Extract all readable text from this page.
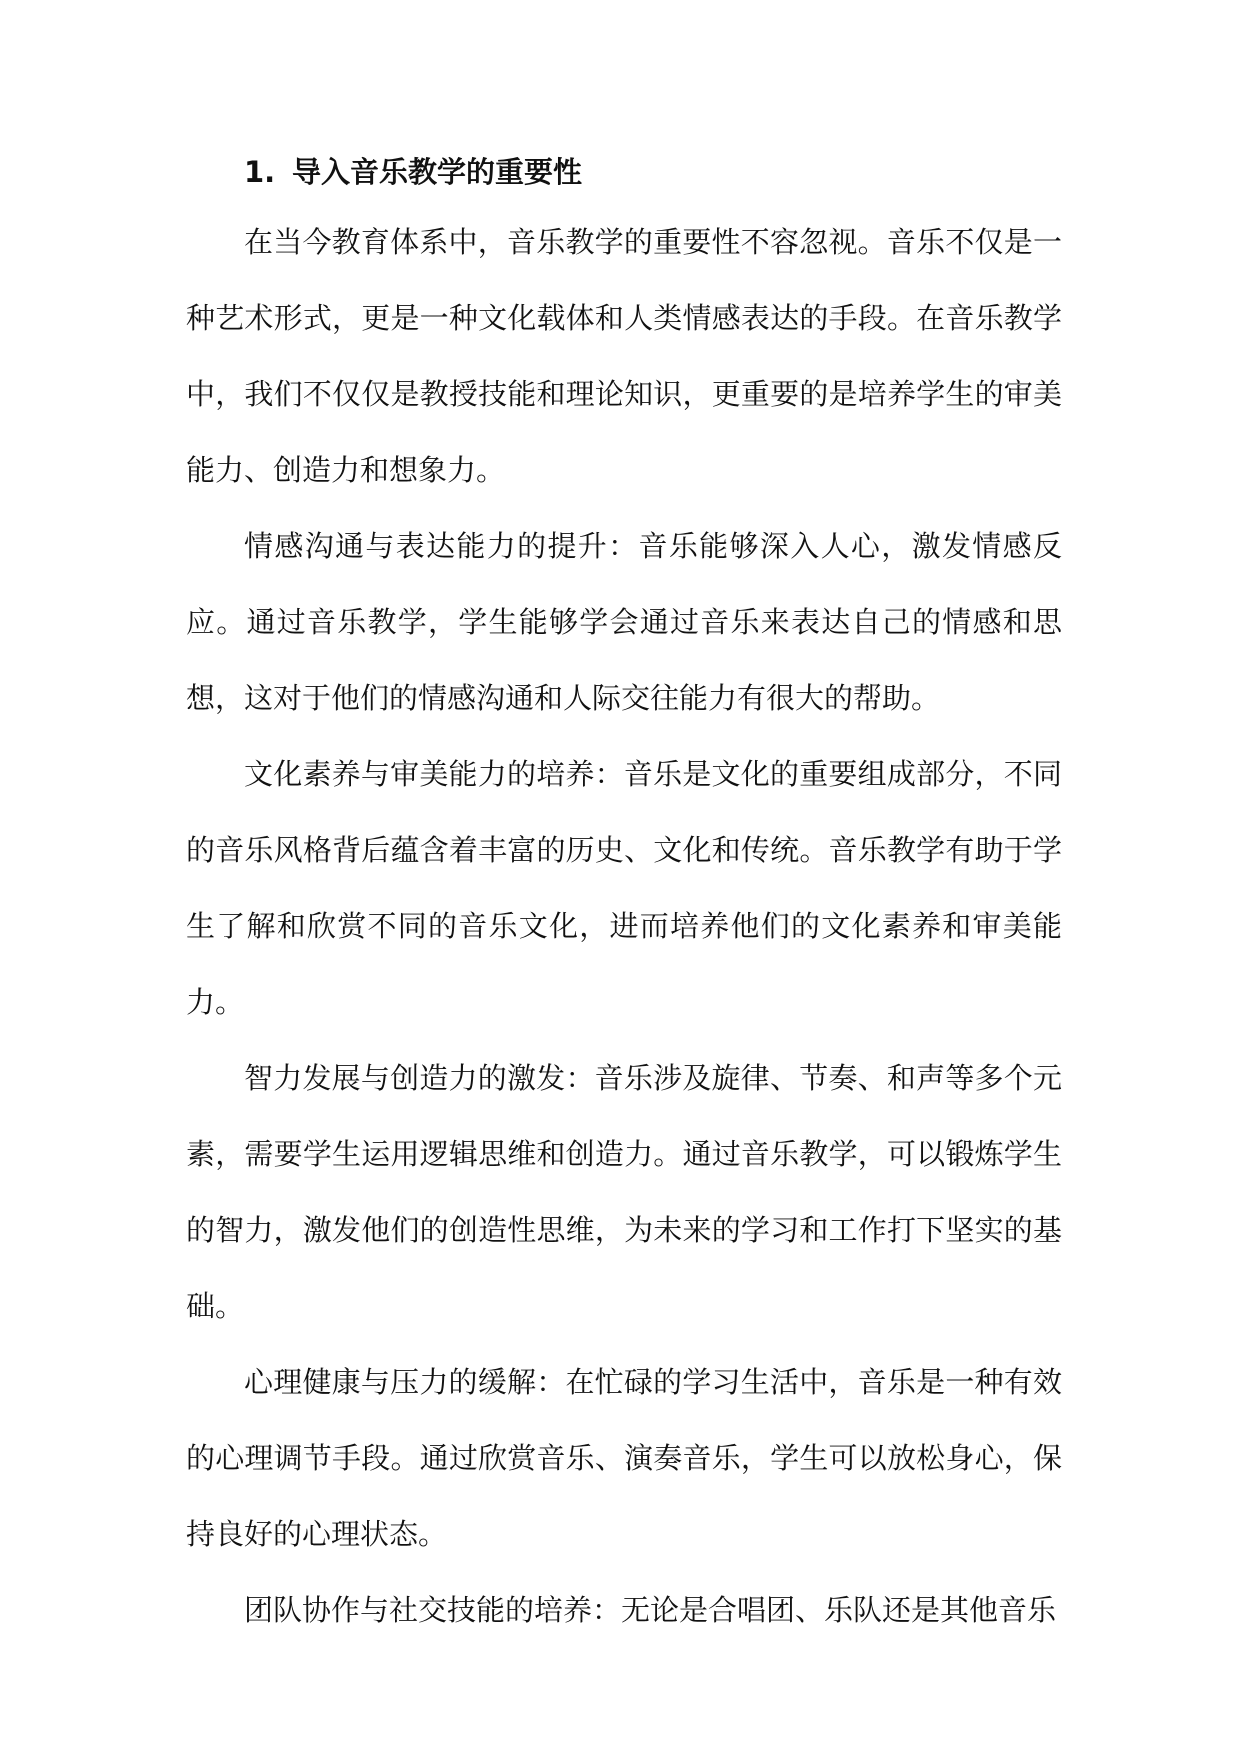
1. 导入音乐教学的重要性

在当今教育体系中，音乐教学的重要性不容忽视。音乐不仅是一种艺术形式，更是一种文化载体和人类情感表达的手段。在音乐教学中，我们不仅仅是教授技能和理论知识，更重要的是培养学生的审美能力、创造力和想象力。

情感沟通与表达能力的提升：音乐能够深入人心，激发情感反应。通过音乐教学，学生能够学会通过音乐来表达自己的情感和思想，这对于他们的情感沟通和人际交往能力有很大的帮助。

文化素养与审美能力的培养：音乐是文化的重要组成部分，不同的音乐风格背后蕴含着丰富的历史、文化和传统。音乐教学有助于学生了解和欣赏不同的音乐文化，进而培养他们的文化素养和审美能力。

智力发展与创造力的激发：音乐涉及旋律、节奏、和声等多个元素，需要学生运用逻辑思维和创造力。通过音乐教学，可以锻炼学生的智力，激发他们的创造性思维，为未来的学习和工作打下坚实的基础。

心理健康与压力的缓解：在忙碌的学习生活中，音乐是一种有效的心理调节手段。通过欣赏音乐、演奏音乐，学生可以放松身心，保持良好的心理状态。

团队协作与社交技能的培养：无论是合唱团、乐队还是其他音乐
